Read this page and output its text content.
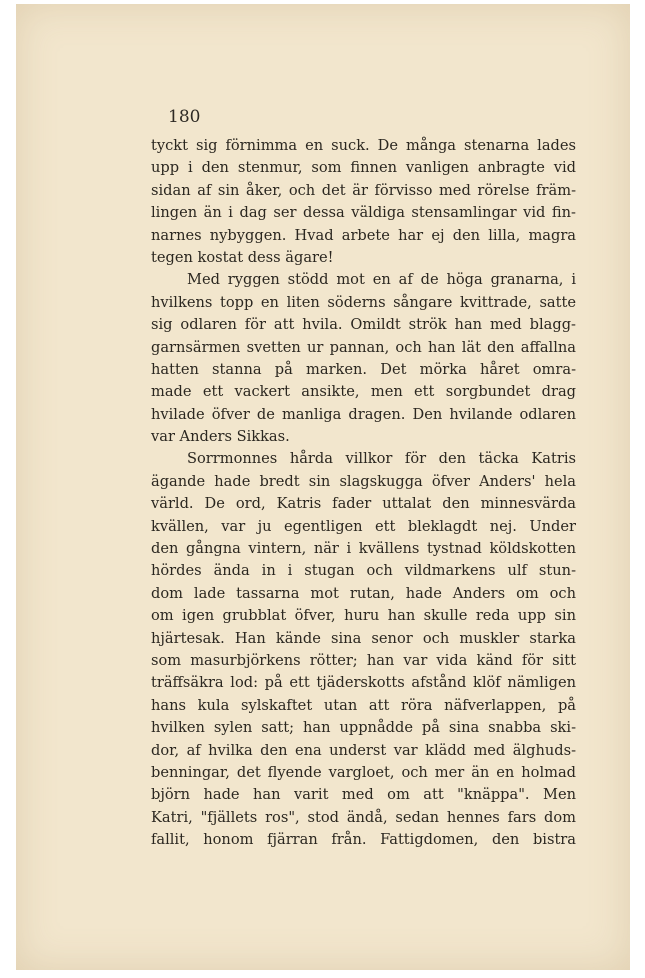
180

tyckt sig förnimma en suck. De många stenarna lades
upp i den stenmur, som finnen vanligen anbragte vid
sidan af sin åker, och det är förvisso med rörelse främ-
lingen än i dag ser dessa väldiga stensamlingar vid fin-
narnes nybyggen. Hvad arbete har ej den lilla, magra
tegen kostat dess ägare!
Med ryggen stödd mot en af de höga granarna, i
hvilkens topp en liten söderns sångare kvittrade, satte
sig odlaren för att hvila. Omildt strök han med blagg-
garnsärmen svetten ur pannan, och han lät den affallna
hatten stanna på marken. Det mörka håret omra-
made ett vackert ansikte, men ett sorgbundet drag
hvilade öfver de manliga dragen. Den hvilande odlaren
var Anders Sikkas.
Sorrmonnes hårda villkor för den täcka Katris
ägande hade bredt sin slagskugga öfver Anders' hela
värld. De ord, Katris fader uttalat den minnesvärda
kvällen, var ju egentligen ett bleklagdt nej. Under
den gångna vintern, när i kvällens tystnad köldskotten
hördes ända in i stugan och vildmarkens ulf stun-
dom lade tassarna mot rutan, hade Anders om och
om igen grubblat öfver, huru han skulle reda upp sin
hjärtesak. Han kände sina senor och muskler starka
som masurbjörkens rötter; han var vida känd för sitt
träffsäkra lod: på ett tjäderskotts afstånd klöf nämligen
hans kula sylskaftet utan att röra näfverlappen, på
hvilken sylen satt; han uppnådde på sina snabba ski-
dor, af hvilka den ena underst var klädd med älghuds-
benningar, det flyende vargloet, och mer än en holmad
björn hade han varit med om att "knäppa". Men
Katri, "fjällets ros", stod ändå, sedan hennes fars dom
fallit, honom fjärran från. Fattigdomen, den bistra
